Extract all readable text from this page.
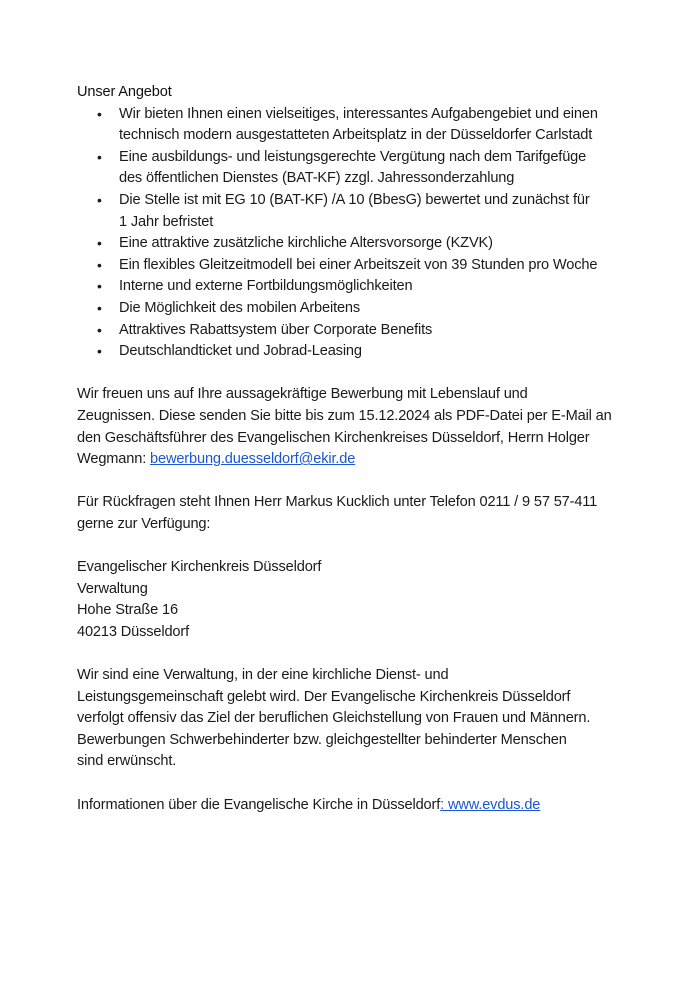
Unser Angebot
• Wir bieten Ihnen einen vielseitiges, interessantes Aufgabengebiet und einen
technisch modern ausgestatteten Arbeitsplatz in der Düsseldorfer Carlstadt
• Eine ausbildungs- und leistungsgerechte Vergütung nach dem Tarifgefüge
des öffentlichen Dienstes (BAT-KF) zzgl. Jahressonderzahlung
• Die Stelle ist mit EG 10 (BAT-KF) /A 10 (BbesG) bewertet und zunächst für
1 Jahr befristet
• Eine attraktive zusätzliche kirchliche Altersvorsorge (KZVK)
• Ein flexibles Gleitzeitmodell bei einer Arbeitszeit von 39 Stunden pro Woche
• Interne und externe Fortbildungsmöglichkeiten
• Die Möglichkeit des mobilen Arbeitens
• Attraktives Rabattsystem über Corporate Benefits
• Deutschlandticket und Jobrad-Leasing
Wir freuen uns auf Ihre aussagekräftige Bewerbung mit Lebenslauf und
Zeugnissen. Diese senden Sie bitte bis zum 15.12.2024 als PDF-Datei per E-Mail an
den Geschäftsführer des Evangelischen Kirchenkreises Düsseldorf, Herrn Holger
Wegmann: bewerbung.duesseldorf@ekir.de
Für Rückfragen steht Ihnen Herr Markus Kucklich unter Telefon 0211 / 9 57 57-411
gerne zur Verfügung:
Evangelischer Kirchenkreis Düsseldorf
Verwaltung
Hohe Straße 16
40213 Düsseldorf
Wir sind eine Verwaltung, in der eine kirchliche Dienst- und
Leistungsgemeinschaft gelebt wird. Der Evangelische Kirchenkreis Düsseldorf
verfolgt offensiv das Ziel der beruflichen Gleichstellung von Frauen und Männern.
Bewerbungen Schwerbehinderter bzw. gleichgestellter behinderter Menschen
sind erwünscht.
Informationen über die Evangelische Kirche in Düsseldorf: www.evdus.de
